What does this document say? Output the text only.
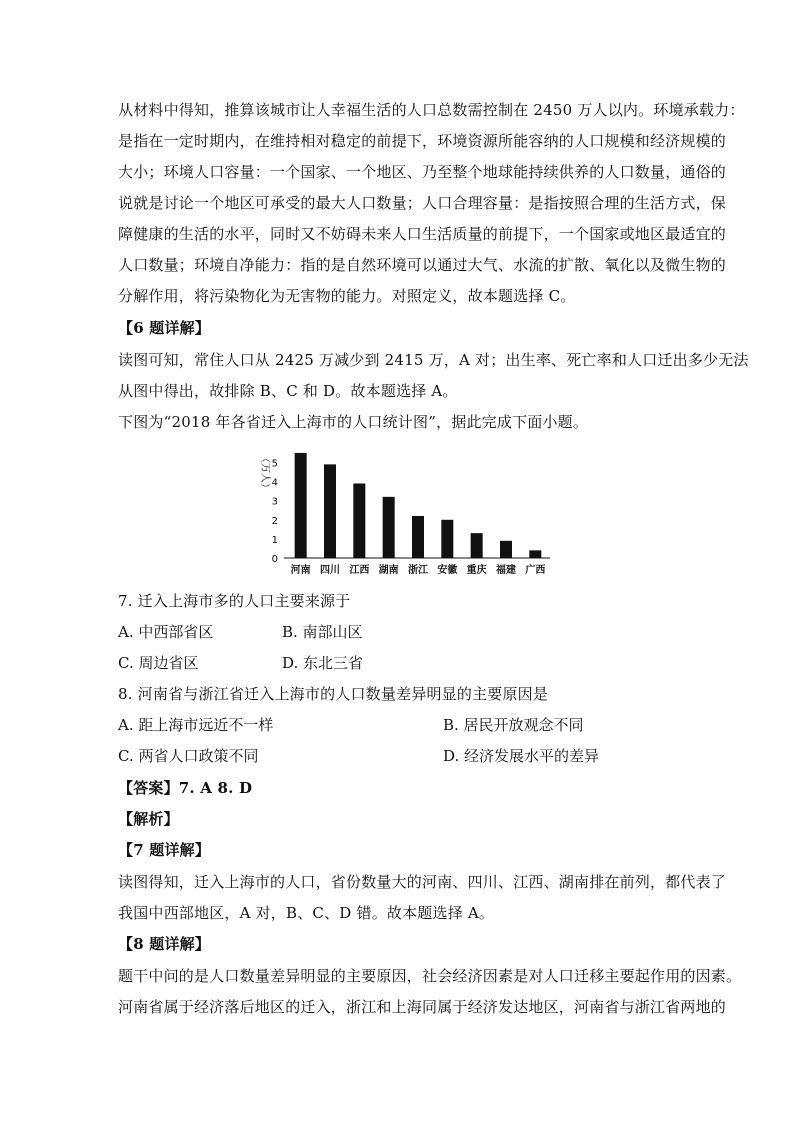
从材料中得知，推算该城市让人幸福生活的人口总数需控制在 2450 万人以内。环境承载力：
是指在一定时期内，在维持相对稳定的前提下，环境资源所能容纳的人口规模和经济规模的
大小；环境人口容量：一个国家、一个地区、乃至整个地球能持续供养的人口数量，通俗的
说就是讨论一个地区可承受的最大人口数量；人口合理容量：是指按照合理的生活方式，保
障健康的生活的水平，同时又不妨碍未来人口生活质量的前提下，一个国家或地区最适宜的
人口数量；环境自净能力：指的是自然环境可以通过大气、水流的扩散、氧化以及微生物的
分解作用，将污染物化为无害物的能力。对照定义，故本题选择 C。
【6 题详解】
读图可知，常住人口从 2425 万减少到 2415 万，A 对；出生率、死亡率和人口迁出多少无法
从图中得出，故排除 B、C 和 D。故本题选择 A。
下图为“2018 年各省迁入上海市的人口统计图”，据此完成下面小题。
（万人）
0
1
2
3
4
5
河南 四川 江西 湖南 浙江 安徽 重庆 福建 广西
7. 迁入上海市多的人口主要来源于
A. 中西部省区	B. 南部山区
C. 周边省区	D. 东北三省
8. 河南省与浙江省迁入上海市的人口数量差异明显的主要原因是
A. 距上海市远近不一样	B. 居民开放观念不同
C. 两省人口政策不同	D. 经济发展水平的差异
【答案】7. A 8. D
【解析】
【7 题详解】
读图得知，迁入上海市的人口，省份数量大的河南、四川、江西、湖南排在前列，都代表了
我国中西部地区，A 对，B、C、D 错。故本题选择 A。
【8 题详解】
题干中问的是人口数量差异明显的主要原因，社会经济因素是对人口迁移主要起作用的因素。
河南省属于经济落后地区的迁入，浙江和上海同属于经济发达地区，河南省与浙江省两地的
